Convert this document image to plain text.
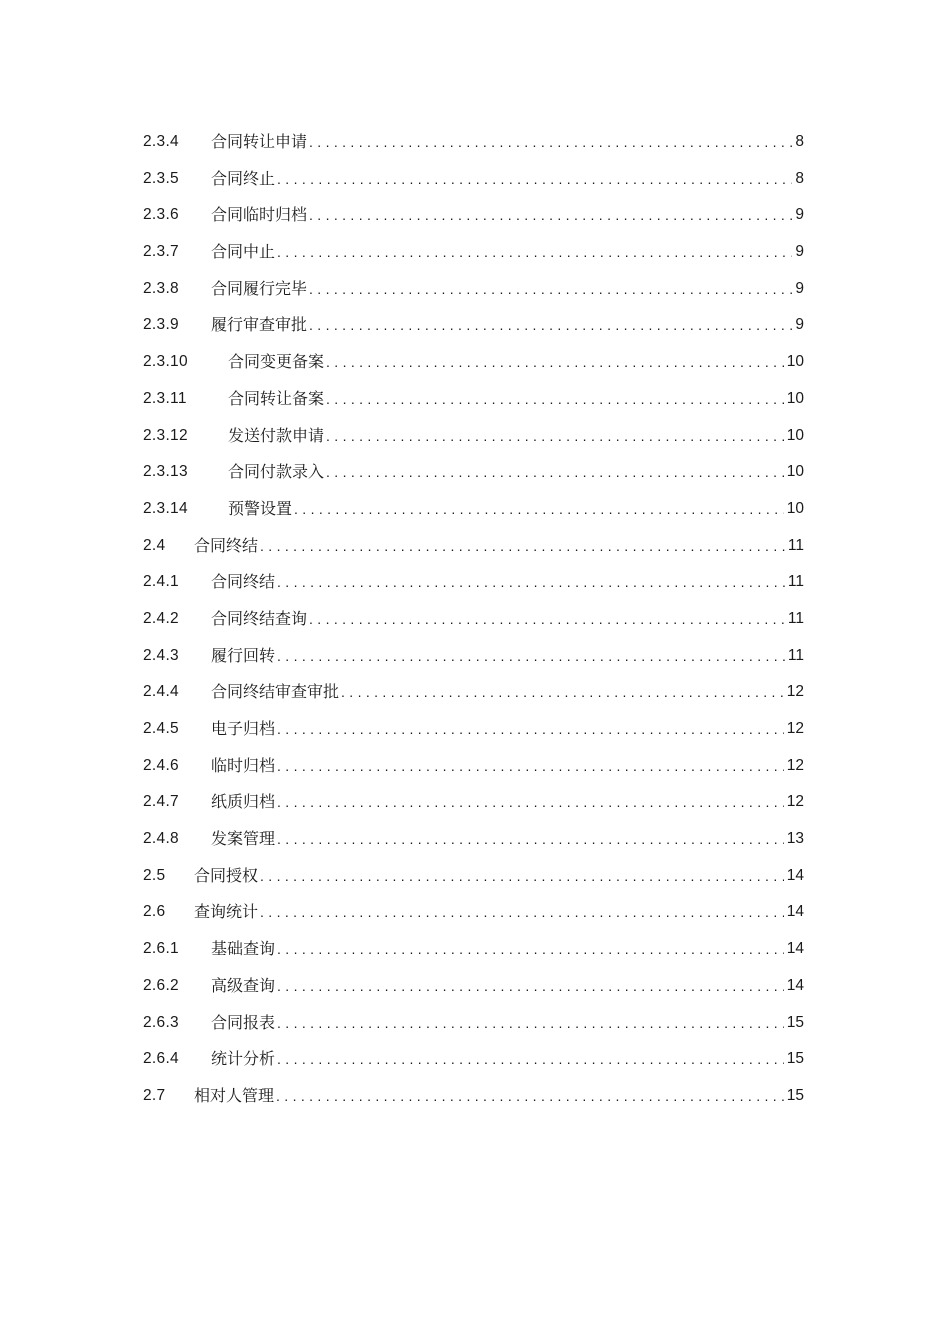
2.3.4	合同转让申请 . . .	8
2.3.5	合同终止 . . .	8
2.3.6	合同临时归档 . . .	9
2.3.7	合同中止 . . .	9
2.3.8	合同履行完毕 . . .	9
2.3.9	履行审查审批 . . .	9
2.3.10	合同变更备案 . . .	10
2.3.11	合同转让备案 . . .	10
2.3.12	发送付款申请 . . .	10
2.3.13	合同付款录入 . . .	10
2.3.14	预警设置 . . .	10
2.4	合同终结 . . .	11
2.4.1	合同终结 . . .	11
2.4.2	合同终结查询 . . .	11
2.4.3	履行回转 . . .	11
2.4.4	合同终结审查审批 . . .	12
2.4.5	电子归档 . . .	12
2.4.6	临时归档 . . .	12
2.4.7	纸质归档 . . .	12
2.4.8	发案管理 . . .	13
2.5	合同授权 . . .	14
2.6	查询统计 . . .	14
2.6.1	基础查询 . . .	14
2.6.2	高级查询 . . .	14
2.6.3	合同报表 . . .	15
2.6.4	统计分析 . . .	15
2.7	相对人管理 . . .	15
